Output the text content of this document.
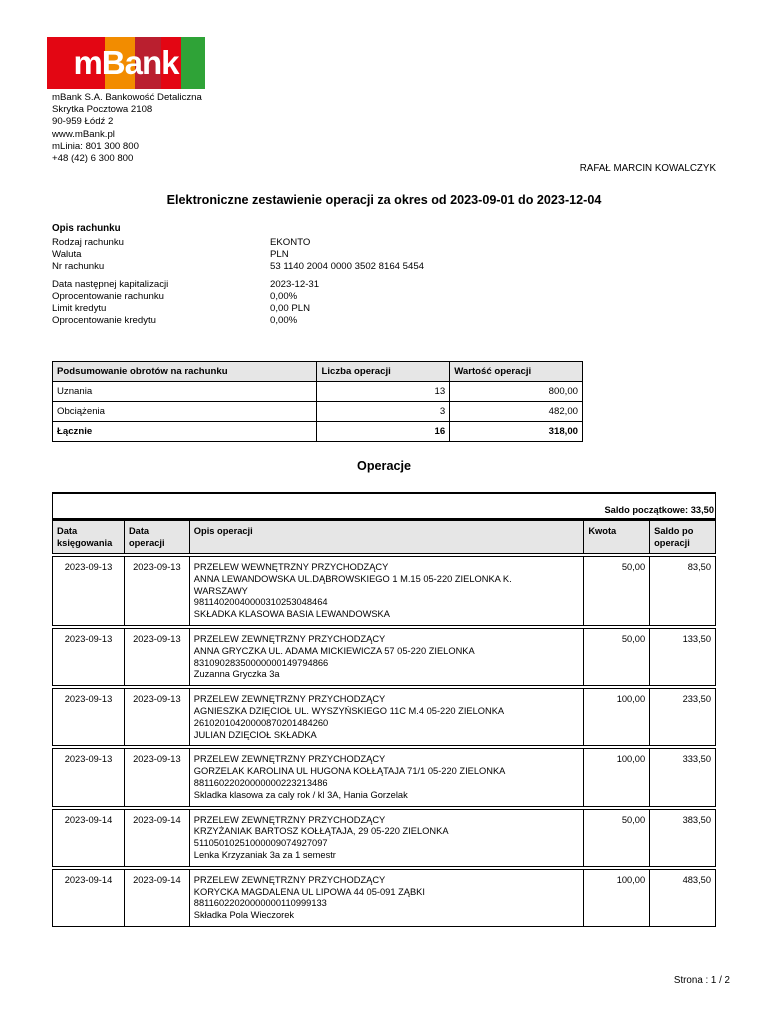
mBank
mBank S.A. Bankowość Detaliczna
Skrytka Pocztowa 2108
90-959 Łódź 2
www.mBank.pl
mLinia: 801 300 800
+48 (42) 6 300 800
RAFAŁ MARCIN KOWALCZYK
Elektroniczne zestawienie operacji za okres od 2023-09-01 do 2023-12-04
Opis rachunku
Rodzaj rachunku	EKONTO
Waluta	PLN
Nr rachunku	53 1140 2004 0000 3502 8164 5454
Data następnej kapitalizacji	2023-12-31
Oprocentowanie rachunku	0,00%
Limit kredytu	0,00 PLN
Oprocentowanie kredytu	0,00%
Podsumowanie obrotów na rachunku	Liczba operacji	Wartość operacji
Uznania	13	800,00
Obciążenia	3	482,00
Łącznie	16	318,00
Operacje
Saldo początkowe: 33,50
Data księgowania	Data operacji	Opis operacji	Kwota	Saldo po operacji

2023-09-13	2023-09-13	PRZELEW WEWNĘTRZNY PRZYCHODZĄCY
ANNA LEWANDOWSKA UL.DĄBROWSKIEGO 1 M.15 05-220 ZIELONKA K.
WARSZAWY
98114020040000310253048464
SKŁADKA KLASOWA BASIA LEWANDOWSKA	50,00	83,50

2023-09-13	2023-09-13	PRZELEW ZEWNĘTRZNY PRZYCHODZĄCY
ANNA GRYCZKA UL. ADAMA MICKIEWICZA 57 05-220 ZIELONKA
83109028350000000149794866
Zuzanna Gryczka 3a	50,00	133,50

2023-09-13	2023-09-13	PRZELEW ZEWNĘTRZNY PRZYCHODZĄCY
AGNIESZKA DZIĘCIOŁ UL. WYSZYŃSKIEGO 11C M.4 05-220 ZIELONKA
26102010420000870201484260
JULIAN DZIĘCIOŁ SKŁADKA	100,00	233,50

2023-09-13	2023-09-13	PRZELEW ZEWNĘTRZNY PRZYCHODZĄCY
GORZELAK KAROLINA UL HUGONA KOŁŁĄTAJA 71/1 05-220 ZIELONKA
88116022020000000223213486
Skladka klasowa za caly rok / kl 3A, Hania Gorzelak	100,00	333,50

2023-09-14	2023-09-14	PRZELEW ZEWNĘTRZNY PRZYCHODZĄCY
KRZYŻANIAK BARTOSZ KOŁŁĄTAJA, 29 05-220 ZIELONKA
51105010251000009074927097
Lenka Krzyzaniak 3a za 1 semestr	50,00	383,50

2023-09-14	2023-09-14	PRZELEW ZEWNĘTRZNY PRZYCHODZĄCY
KORYCKA MAGDALENA UL LIPOWA 44 05-091 ZĄBKI
88116022020000000110999133
Składka Pola Wieczorek	100,00	483,50
Strona : 1 / 2
